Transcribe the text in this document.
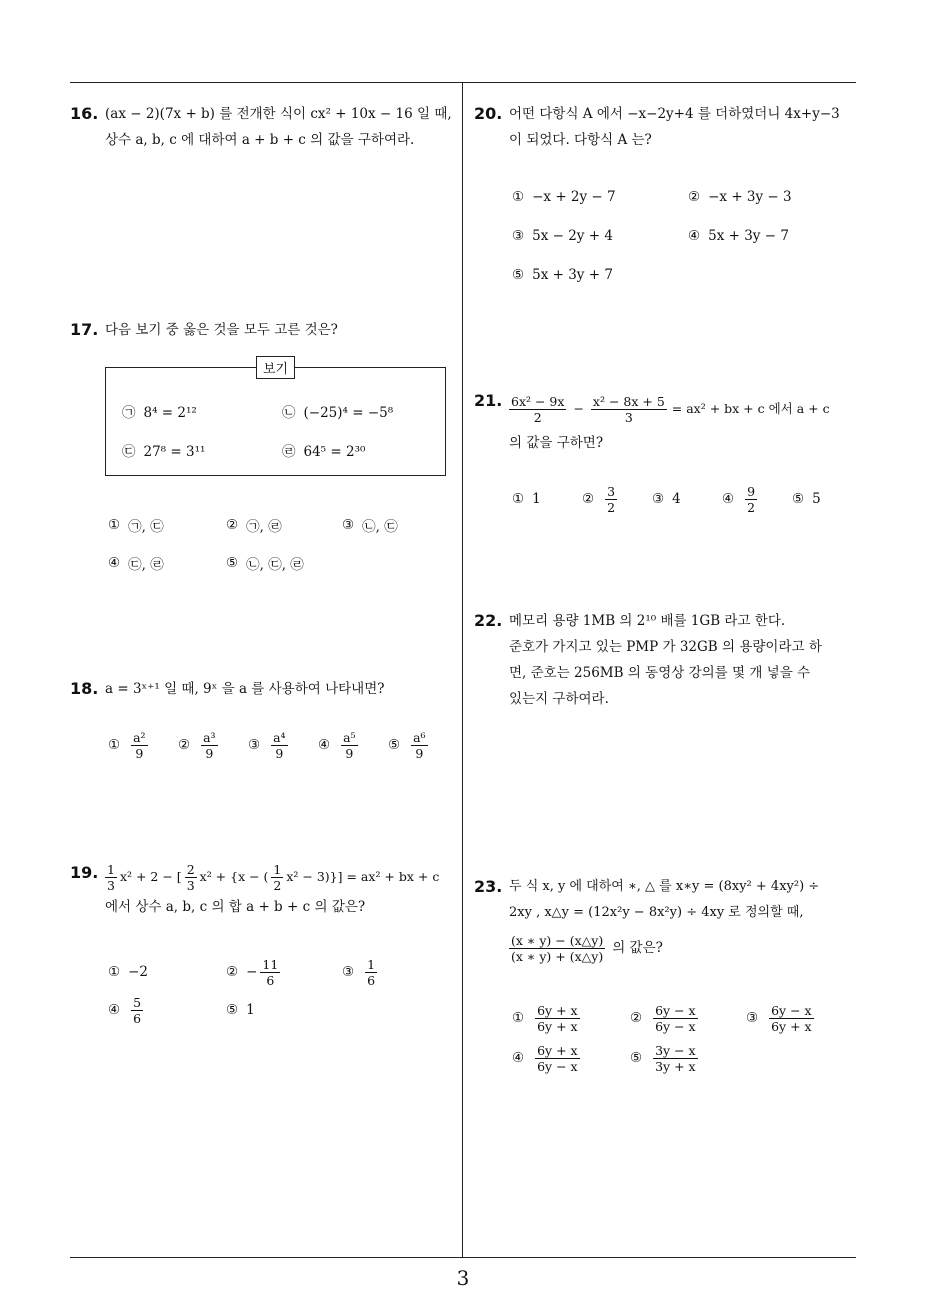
16. (ax − 2)(7x + b) 를 전개한 식이 cx² + 10x − 16 일 때,
상수 a, b, c 에 대하여 a + b + c 의 값을 구하여라.
17. 다음 보기 중 옳은 것을 모두 고른 것은?
보기
㉠ 8⁴ = 2¹²	㉡ (−25)⁴ = −5⁸
㉢ 27⁸ = 3¹¹	㉣ 64⁵ = 2³⁰
① ㉠, ㉢	② ㉠, ㉣	③ ㉡, ㉢
④ ㉢, ㉣	⑤ ㉡, ㉢, ㉣
18. a = 3ˣ⁺¹ 일 때, 9ˣ 을 a 를 사용하여 나타내면?
① $\frac{\text{a²}}{9}$ ② $\frac{\text{a³}}{9}$ ③ $\frac{\text{a⁴}}{9}$ ④ $\frac{\text{a⁵}}{9}$ ⑤ $\frac{\text{a⁶}}{9}$
19. $\frac{1}{3} x^2 + 2$ − [ $\frac{2}{3} x^2 + \{x$ − ( $\frac{1}{2} x^2 - 3)\}] = ax^2$ + bx + c
에서 상수 a, b, c 의 합 a + b + c 의 값은?
① −2	② − $\frac{11}{6}$	③ $\frac{1}{6}$
④ $\frac{5}{6}$	⑤ 1
20. 어떤 다항식 A 에서 −x−2y+4 를 더하였더니 4x+y−3
이 되었다. 다항식 A 는?
① −x + 2y − 7	② −x + 3y − 3
③ 5x − 2y + 4	④ 5x + 3y − 7
⑤ 5x + 3y + 7
21. $\frac{\text{6x² − 9x}}{2} - \frac{\text{x² − 8x + 5}}{3} = ax^2$ + bx + c 에서 a + c
의 값을 구하면?
① 1	② $\frac{3}{2}$	③ 4	④ $\frac{9}{2}$	⑤ 5
22. 메모리 용량 1MB 의 2¹⁰ 배를 1GB 라고 한다.
준호가 가지고 있는 PMP 가 32GB 의 용량이라고 하
면, 준호는 256MB 의 동영상 강의를 몇 개 넣을 수
있는지 구하여라.
23. 두 식 x, y 에 대하여 ∗, △ 를 x∗y = (8xy² + 4xy²) ÷
2xy , x△y = (12x²y − 8x²y) ÷ 4xy 로 정의할 때,
$\frac{(x ∗ y) - (x\triangle y)}{(x ∗ y) + (x\triangle y)}$ 의 값은?
① $\frac{6y + x}{6y + x}$	② $\frac{6y - x}{6y - x}$	③ $\frac{6y - x}{6y + x}$
④ $\frac{6y + x}{6y - x}$	⑤ $\frac{3y - x}{3y + x}$
3
